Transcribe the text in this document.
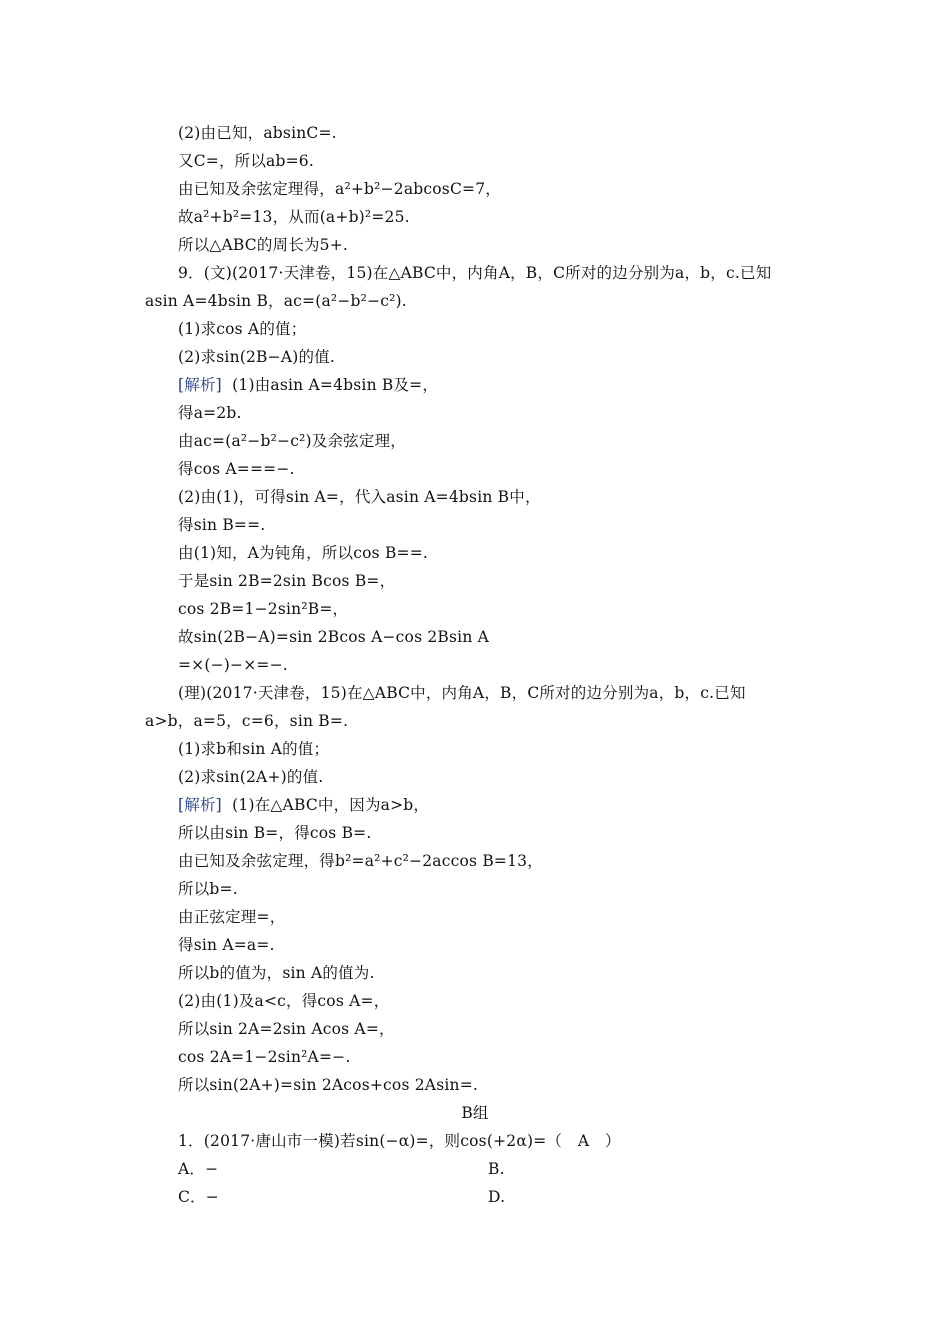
(2)由已知，absinC=.
又C=，所以ab=6.
由已知及余弦定理得，a²+b²−2abcosC=7，
故a²+b²=13，从而(a+b)²=25.
所以△ABC的周长为5+.
9．(文)(2017·天津卷，15)在△ABC中，内角A，B，C所对的边分别为a，b，c.已知
asin A=4bsin B，ac=(a²−b²−c²).
(1)求cos A的值；
(2)求sin(2B−A)的值.
[解析] (1)由asin A=4bsin B及=，
得a=2b.
由ac=(a²−b²−c²)及余弦定理，
得cos A===−.
(2)由(1)，可得sin A=，代入asin A=4bsin B中，
得sin B==.
由(1)知，A为钝角，所以cos B==.
于是sin 2B=2sin Bcos B=，
cos 2B=1−2sin²B=，
故sin(2B−A)=sin 2Bcos A−cos 2Bsin A
=×(−)−×=−.
(理)(2017·天津卷，15)在△ABC中，内角A，B，C所对的边分别为a，b，c.已知
a>b，a=5，c=6，sin B=.
(1)求b和sin A的值；
(2)求sin(2A+)的值.
[解析] (1)在△ABC中，因为a>b，
所以由sin B=，得cos B=.
由已知及余弦定理，得b²=a²+c²−2accos B=13，
所以b=.
由正弦定理=，
得sin A=a=.
所以b的值为，sin A的值为.
(2)由(1)及a<c，得cos A=，
所以sin 2A=2sin Acos A=，
cos 2A=1−2sin²A=−.
所以sin(2A+)=sin 2Acos+cos 2Asin=.
B组
1．(2017·唐山市一模)若sin(−α)=，则cos(+2α)=（　A　）
A．−	B.
C．−	D.
